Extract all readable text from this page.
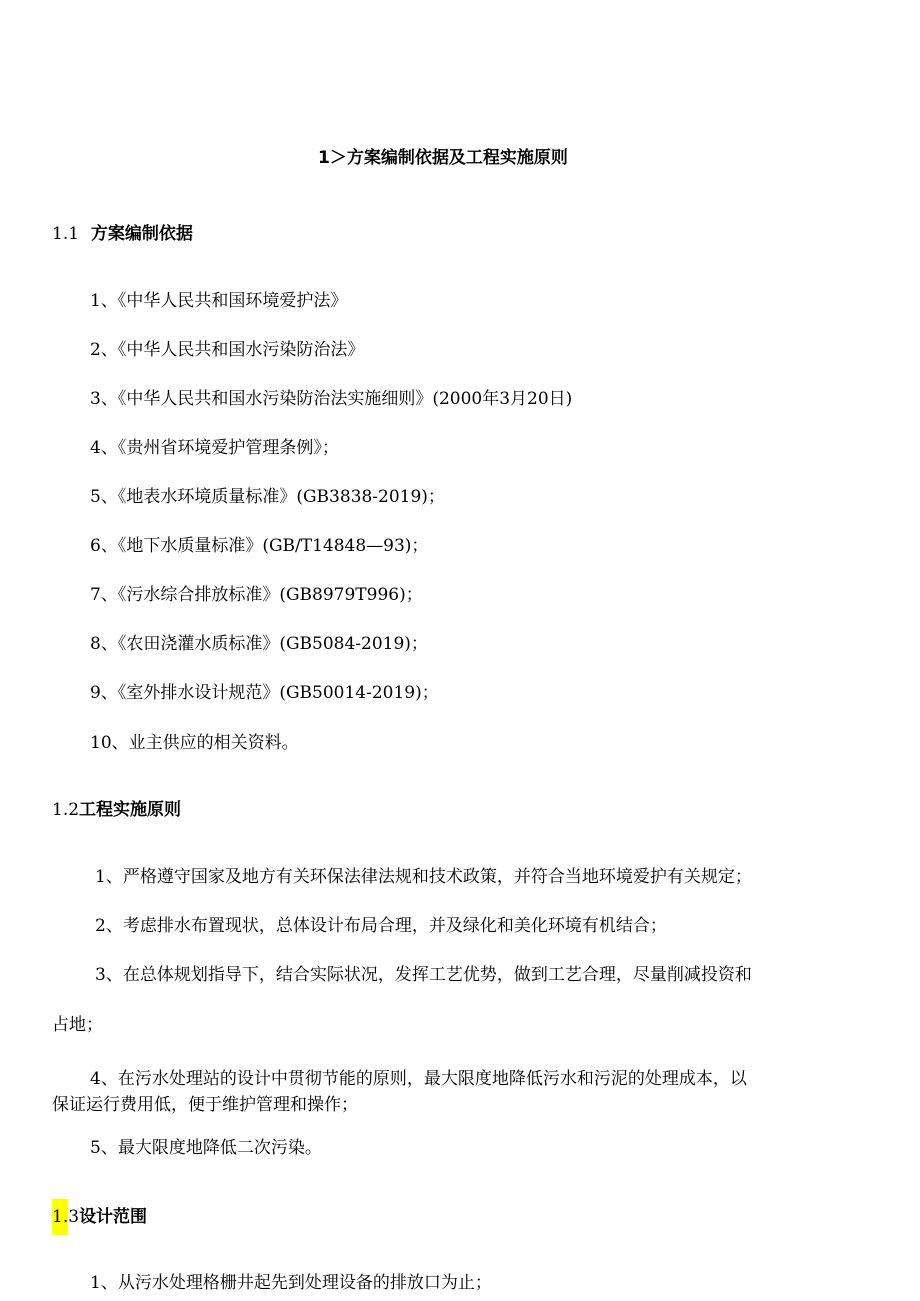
1＞方案编制依据及工程实施原则
1.1 方案编制依据
1、《中华人民共和国环境爱护法》
2、《中华人民共和国水污染防治法》
3、《中华人民共和国水污染防治法实施细则》(2000年3月20日)
4、《贵州省环境爱护管理条例》；
5、《地表水环境质量标准》(GB3838-2019)；
6、《地下水质量标准》(GB/T14848—93)；
7、《污水综合排放标准》(GB8979T996)；
8、《农田浇灌水质标准》(GB5084-2019)；
9、《室外排水设计规范》(GB50014-2019)；
10、业主供应的相关资料。
1.2工程实施原则
1、严格遵守国家及地方有关环保法律法规和技术政策，并符合当地环境爱护有关规定；
2、考虑排水布置现状，总体设计布局合理，并及绿化和美化环境有机结合；
3、在总体规划指导下，结合实际状况，发挥工艺优势，做到工艺合理，尽量削减投资和
占地；
4、在污水处理站的设计中贯彻节能的原则，最大限度地降低污水和污泥的处理成本，以
保证运行费用低，便于维护管理和操作；
5、最大限度地降低二次污染。
1.3设计范围
1、从污水处理格栅井起先到处理设备的排放口为止；
